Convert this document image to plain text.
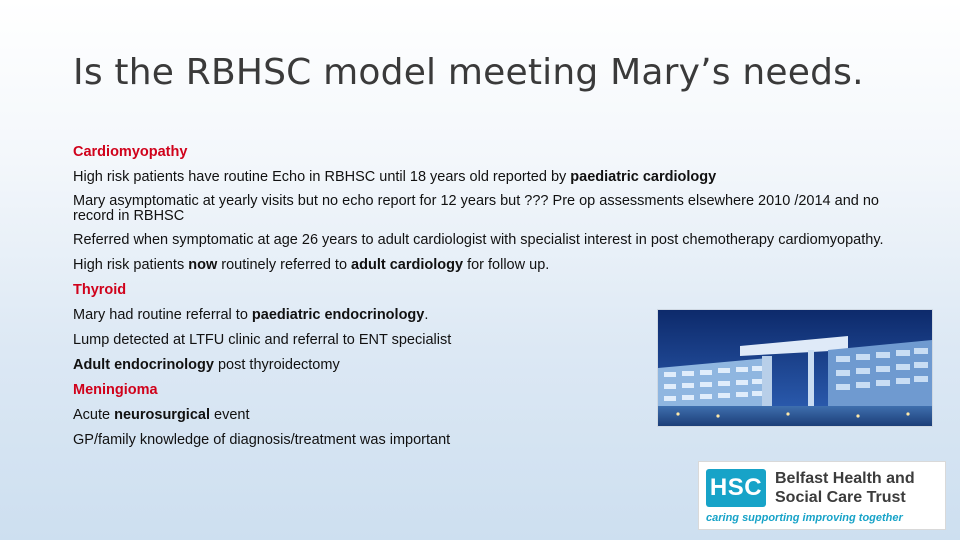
Is the RBHSC model meeting Mary’s needs.
Cardiomyopathy
High risk patients have routine Echo in RBHSC until 18 years old reported by paediatric cardiology
Mary asymptomatic at yearly visits but no echo report for 12 years but ??? Pre op assessments elsewhere 2010 /2014 and no record in RBHSC
Referred when symptomatic at age 26 years to adult cardiologist with specialist interest in post chemotherapy cardiomyopathy.
High risk patients now routinely referred to adult cardiology for follow up.
Thyroid
Mary had routine referral to paediatric endocrinology.
Lump detected at LTFU clinic and referral to ENT specialist
Adult endocrinology post thyroidectomy
Meningioma
Acute neurosurgical event
GP/family knowledge of diagnosis/treatment was important
HSC Belfast Health and
Social Care Trust
caring supporting improving together
